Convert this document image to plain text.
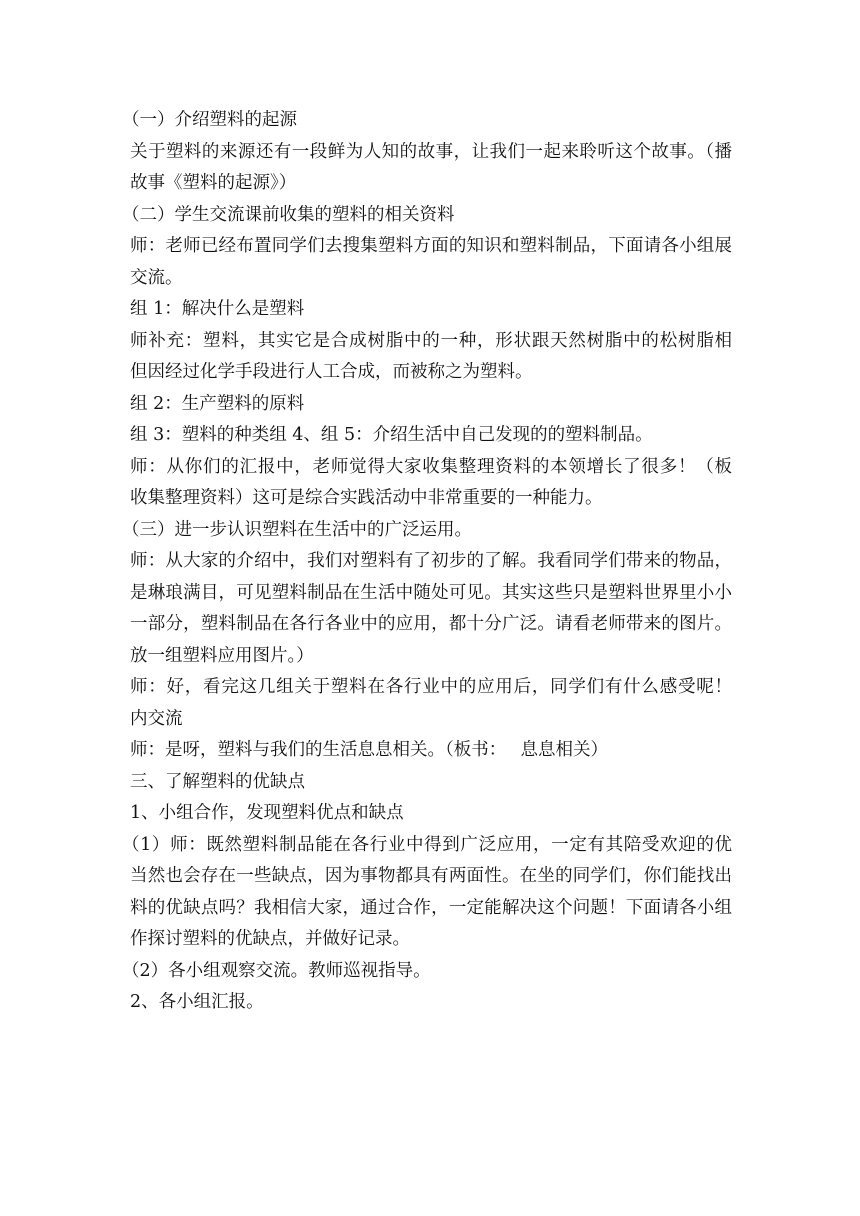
（一）介绍塑料的起源
关于塑料的来源还有一段鲜为人知的故事，让我们一起来聆听这个故事。（播
故事《塑料的起源》）
（二）学生交流课前收集的塑料的相关资料
师：老师已经布置同学们去搜集塑料方面的知识和塑料制品，下面请各小组展
交流。
组 1：解决什么是塑料
师补充：塑料，其实它是合成树脂中的一种，形状跟天然树脂中的松树脂相
但因经过化学手段进行人工合成，而被称之为塑料。
组 2：生产塑料的原料
组 3：塑料的种类组 4、组 5：介绍生活中自己发现的的塑料制品。
师：从你们的汇报中，老师觉得大家收集整理资料的本领增长了很多！（板
收集整理资料）这可是综合实践活动中非常重要的一种能力。
（三）进一步认识塑料在生活中的广泛运用。
师：从大家的介绍中，我们对塑料有了初步的了解。我看同学们带来的物品，
是琳琅满目，可见塑料制品在生活中随处可见。其实这些只是塑料世界里小小
一部分，塑料制品在各行各业中的应用，都十分广泛。请看老师带来的图片。
放一组塑料应用图片。）
师：好，看完这几组关于塑料在各行业中的应用后，同学们有什么感受呢！　
内交流
师：是呀，塑料与我们的生活息息相关。（板书：　 息息相关）
三、了解塑料的优缺点
1、小组合作，发现塑料优点和缺点
（1）师：既然塑料制品能在各行业中得到广泛应用，一定有其陪受欢迎的优
当然也会存在一些缺点，因为事物都具有两面性。在坐的同学们，你们能找出
料的优缺点吗？我相信大家，通过合作，一定能解决这个问题！下面请各小组
作探讨塑料的优缺点，并做好记录。
（2）各小组观察交流。教师巡视指导。
2、各小组汇报。
